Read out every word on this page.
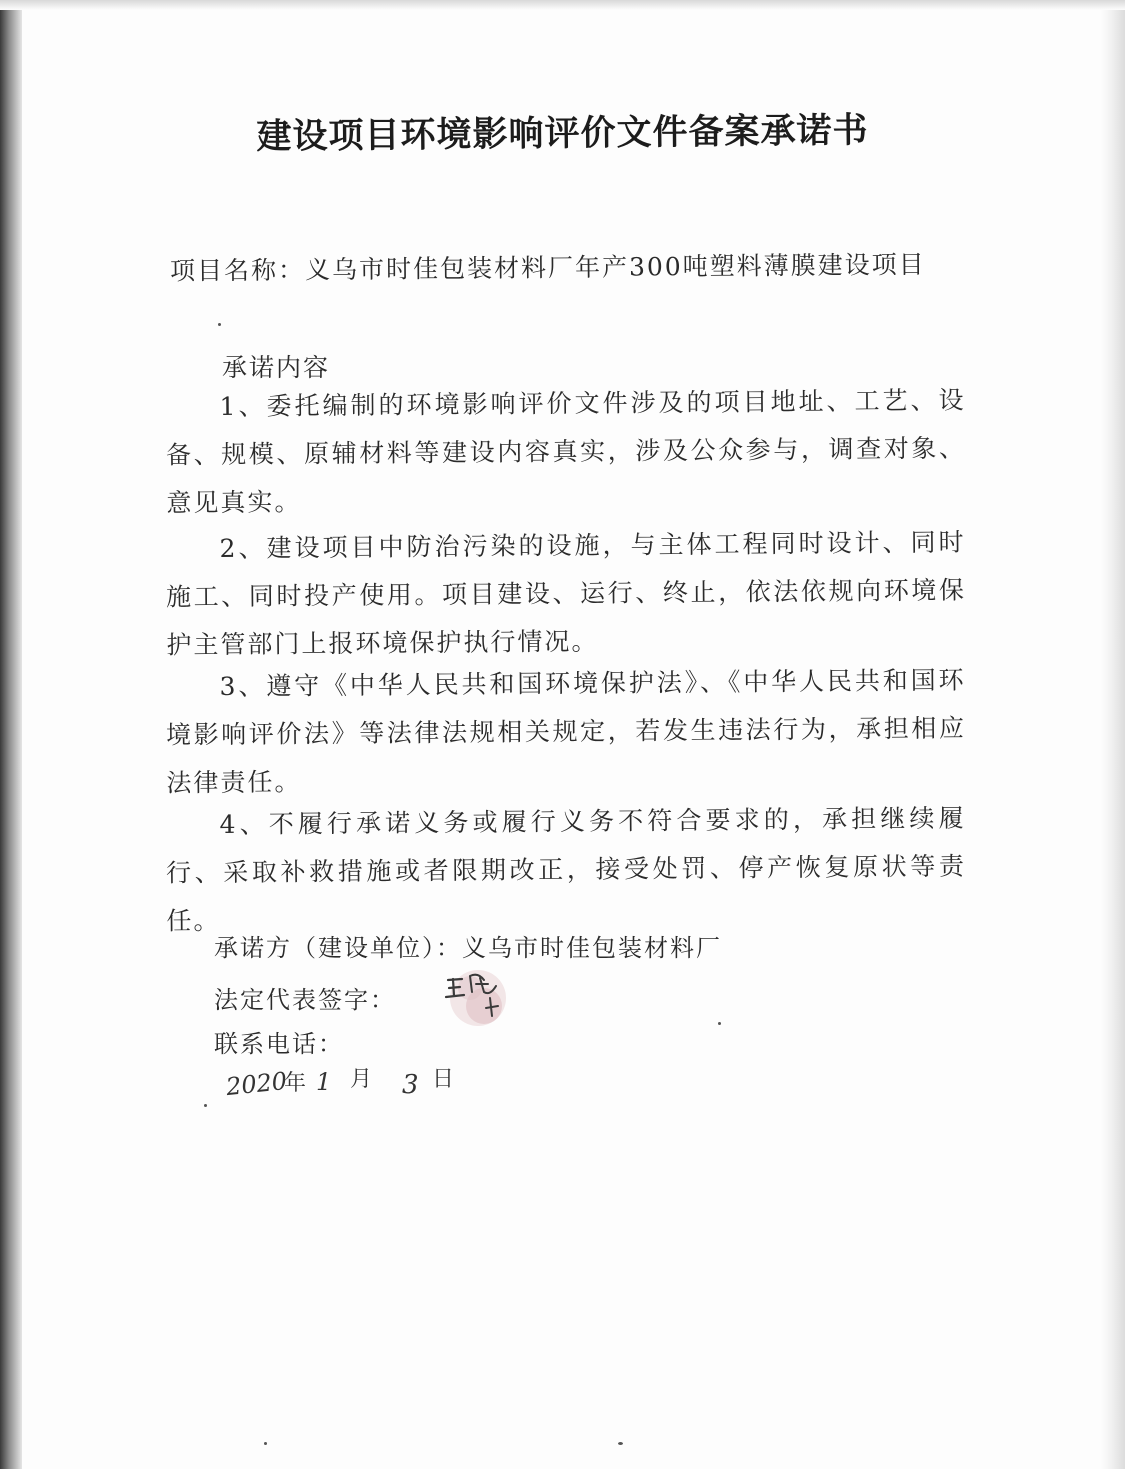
建设项目环境影响评价文件备案承诺书
项目名称：义乌市时佳包装材料厂年产300吨塑料薄膜建设项目
承诺内容
1、委托编制的环境影响评价文件涉及的项目地址、工艺、设备、规模、原辅材料等建设内容真实，涉及公众参与，调查对象、意见真实。
2、建设项目中防治污染的设施，与主体工程同时设计、同时施工、同时投产使用。项目建设、运行、终止，依法依规向环境保护主管部门上报环境保护执行情况。
3、遵守《中华人民共和国环境保护法》、《中华人民共和国环境影响评价法》等法律法规相关规定，若发生违法行为，承担相应法律责任。
4、不履行承诺义务或履行义务不符合要求的，承担继续履行、采取补救措施或者限期改正，接受处罚、停产恢复原状等责任。
承诺方（建设单位）：义乌市时佳包装材料厂
法定代表签字：
联系电话：
2020
年 1 月 3 日
